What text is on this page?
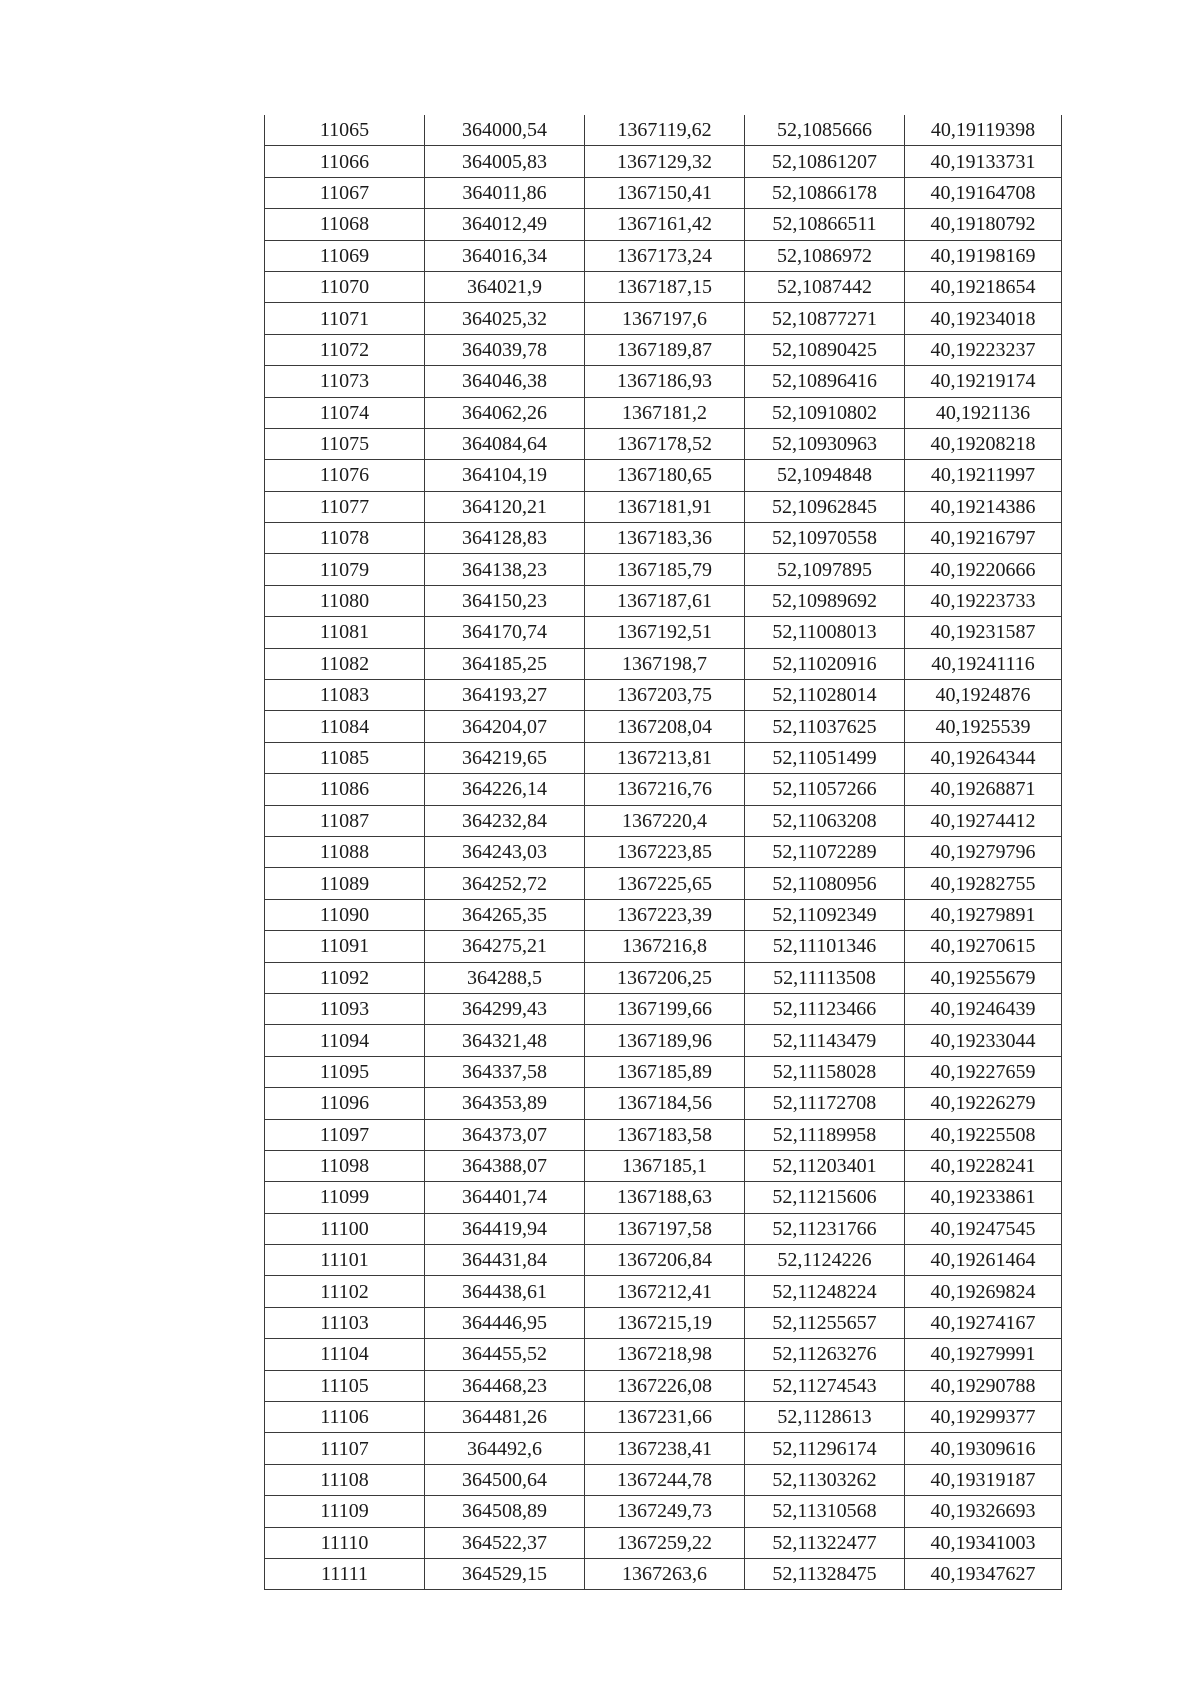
11065	364000,54	1367119,62	52,1085666	40,19119398
11066	364005,83	1367129,32	52,10861207	40,19133731
11067	364011,86	1367150,41	52,10866178	40,19164708
11068	364012,49	1367161,42	52,10866511	40,19180792
11069	364016,34	1367173,24	52,1086972	40,19198169
11070	364021,9	1367187,15	52,1087442	40,19218654
11071	364025,32	1367197,6	52,10877271	40,19234018
11072	364039,78	1367189,87	52,10890425	40,19223237
11073	364046,38	1367186,93	52,10896416	40,19219174
11074	364062,26	1367181,2	52,10910802	40,1921136
11075	364084,64	1367178,52	52,10930963	40,19208218
11076	364104,19	1367180,65	52,1094848	40,19211997
11077	364120,21	1367181,91	52,10962845	40,19214386
11078	364128,83	1367183,36	52,10970558	40,19216797
11079	364138,23	1367185,79	52,1097895	40,19220666
11080	364150,23	1367187,61	52,10989692	40,19223733
11081	364170,74	1367192,51	52,11008013	40,19231587
11082	364185,25	1367198,7	52,11020916	40,19241116
11083	364193,27	1367203,75	52,11028014	40,1924876
11084	364204,07	1367208,04	52,11037625	40,1925539
11085	364219,65	1367213,81	52,11051499	40,19264344
11086	364226,14	1367216,76	52,11057266	40,19268871
11087	364232,84	1367220,4	52,11063208	40,19274412
11088	364243,03	1367223,85	52,11072289	40,19279796
11089	364252,72	1367225,65	52,11080956	40,19282755
11090	364265,35	1367223,39	52,11092349	40,19279891
11091	364275,21	1367216,8	52,11101346	40,19270615
11092	364288,5	1367206,25	52,11113508	40,19255679
11093	364299,43	1367199,66	52,11123466	40,19246439
11094	364321,48	1367189,96	52,11143479	40,19233044
11095	364337,58	1367185,89	52,11158028	40,19227659
11096	364353,89	1367184,56	52,11172708	40,19226279
11097	364373,07	1367183,58	52,11189958	40,19225508
11098	364388,07	1367185,1	52,11203401	40,19228241
11099	364401,74	1367188,63	52,11215606	40,19233861
11100	364419,94	1367197,58	52,11231766	40,19247545
11101	364431,84	1367206,84	52,1124226	40,19261464
11102	364438,61	1367212,41	52,11248224	40,19269824
11103	364446,95	1367215,19	52,11255657	40,19274167
11104	364455,52	1367218,98	52,11263276	40,19279991
11105	364468,23	1367226,08	52,11274543	40,19290788
11106	364481,26	1367231,66	52,1128613	40,19299377
11107	364492,6	1367238,41	52,11296174	40,19309616
11108	364500,64	1367244,78	52,11303262	40,19319187
11109	364508,89	1367249,73	52,11310568	40,19326693
11110	364522,37	1367259,22	52,11322477	40,19341003
11111	364529,15	1367263,6	52,11328475	40,19347627
